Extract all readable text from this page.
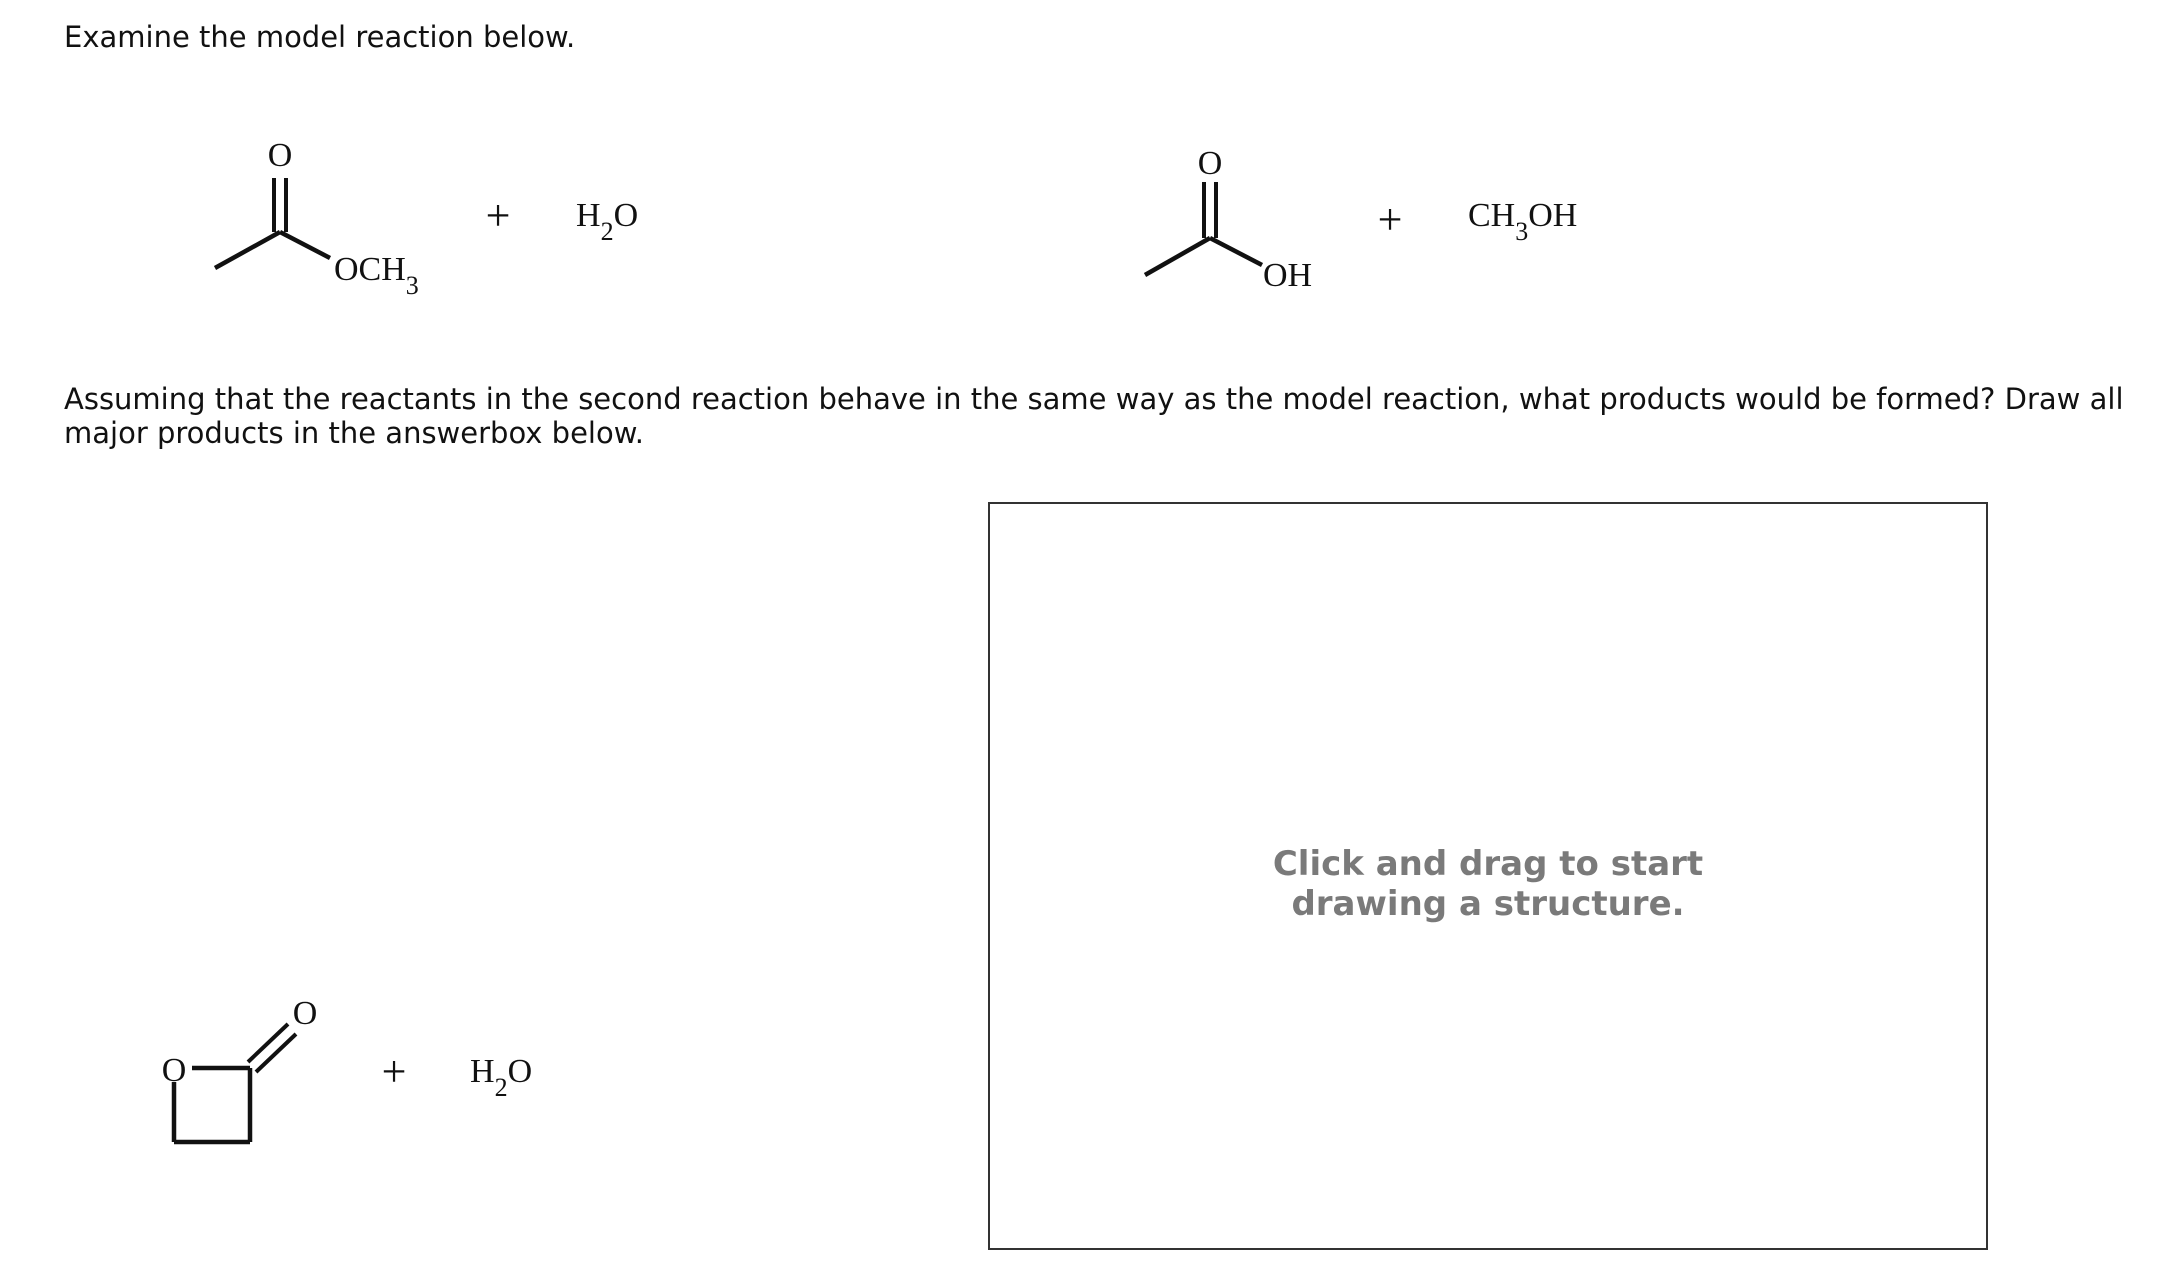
Examine the model reaction below.

O
$OCH_3$
+ $H_2O$
O
OH
+ $CH_3OH$
O
O
+ $H_2O$

Assuming that the reactants in the second reaction behave in the same way as the model reaction, what products would be formed? Draw all major products in the answerbox below.

Click and drag to start
drawing a structure.
